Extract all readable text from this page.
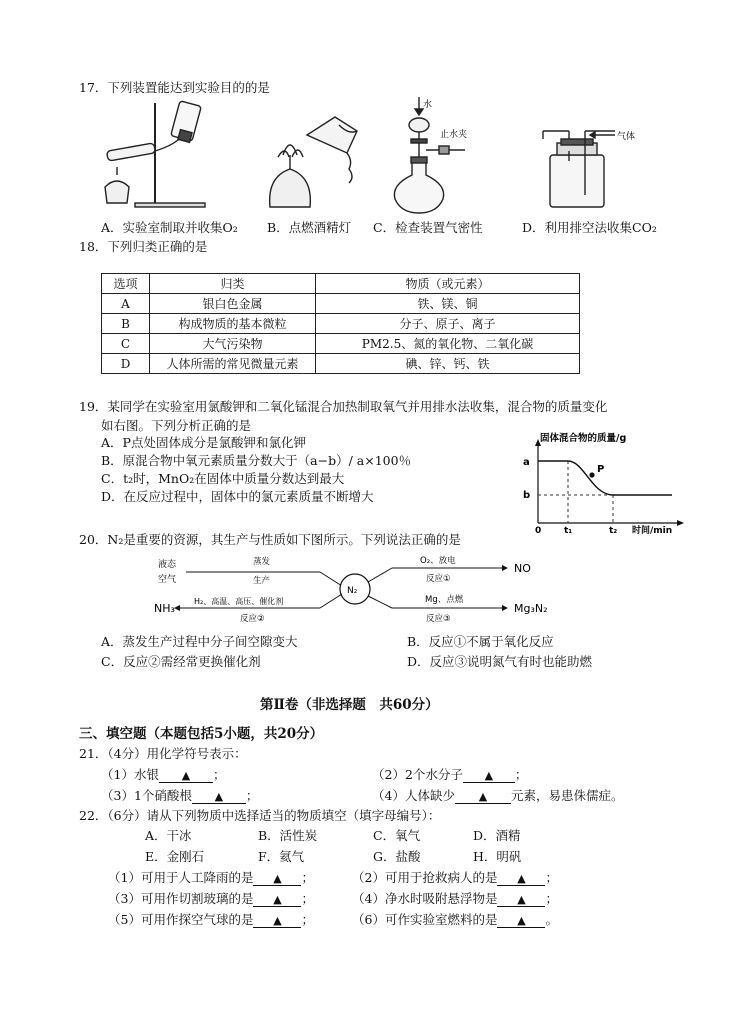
17．下列装置能达到实验目的的是
水
止水夹	气体
A．实验室制取并收集O₂ B．点燃酒精灯 C．检查装置气密性	D．利用排空法收集CO₂
18．下列归类正确的是
选项	归类	物质（或元素）
A	银白色金属	铁、镁、铜
B	构成物质的基本微粒	分子、原子、离子
C	大气污染物	PM2.5、氮的氧化物、二氧化碳
D	人体所需的常见微量元素	碘、锌、钙、铁
19．某同学在实验室用氯酸钾和二氧化锰混合加热制取氧气并用排水法收集，混合物的质量变化
如右图。下列分析正确的是
A．P点处固体成分是氯酸钾和氯化钾
B．原混合物中氧元素质量分数大于（a−b）/ a×100％
C．t₂时，MnO₂在固体中质量分数达到最大
D．在反应过程中，固体中的氯元素质量不断增大
固体混合物的质量/g
时间/min
a
b
0	t₁	t₂
P
20．N₂是重要的资源，其生产与性质如下图所示。下列说法正确的是
液态
空气
蒸发
生产
N₂
O₂、放电
反应①
NO
H₂、高温、高压、催化剂
反应②
NH₃
Mg、点燃
反应③
Mg₃N₂
A．蒸发生产过程中分子间空隙变大	B．反应①不属于氧化反应
C．反应②需经常更换催化剂	D．反应③说明氮气有时也能助燃
第Ⅱ卷（非选择题　共60分）
三、填空题（本题包括5小题，共20分）
21．（4分）用化学符号表示：
（1）水银 ▲ ；	（2）2个水分子 ▲ ；
（3）1个硝酸根 ▲ ；	（4）人体缺少 ▲ 元素，易患侏儒症。
22．（6分）请从下列物质中选择适当的物质填空（填字母编号）：
A．干冰	B．活性炭	C．氧气	D．酒精
E．金刚石	F．氦气	G．盐酸	H．明矾
（1）可用于人工降雨的是 ▲ ；	（2）可用于抢救病人的是 ▲ ；
（3）可用作切割玻璃的是 ▲ ；	（4）净水时吸附悬浮物是 ▲ ；
（5）可用作探空气球的是 ▲ ；	（6）可作实验室燃料的是 ▲ 。
